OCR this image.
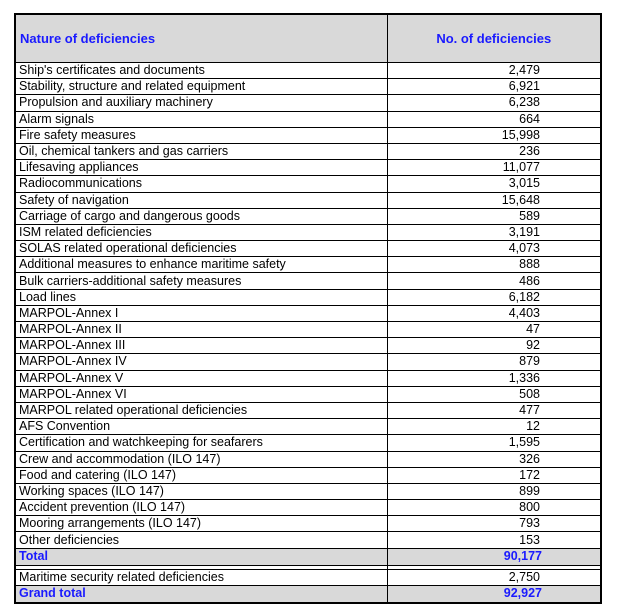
Nature of deficiencies	No. of deficiencies
Ship's certificates and documents	2,479
Stability, structure and related equipment	6,921
Propulsion and auxiliary machinery	6,238
Alarm signals	664
Fire safety measures	15,998
Oil, chemical tankers and gas carriers	236
Lifesaving appliances	11,077
Radiocommunications	3,015
Safety of navigation	15,648
Carriage of cargo and dangerous goods	589
ISM related deficiencies	3,191
SOLAS related operational deficiencies	4,073
Additional measures to enhance maritime safety	888
Bulk carriers-additional safety measures	486
Load lines	6,182
MARPOL-Annex I	4,403
MARPOL-Annex II	47
MARPOL-Annex III	92
MARPOL-Annex IV	879
MARPOL-Annex V	1,336
MARPOL-Annex VI	508
MARPOL related operational deficiencies	477
AFS Convention	12
Certification and watchkeeping for seafarers	1,595
Crew and accommodation (ILO 147)	326
Food and catering (ILO 147)	172
Working spaces (ILO 147)	899
Accident prevention (ILO 147)	800
Mooring arrangements (ILO 147)	793
Other deficiencies	153
Total	90,177

Maritime security related deficiencies	2,750
Grand total	92,927
